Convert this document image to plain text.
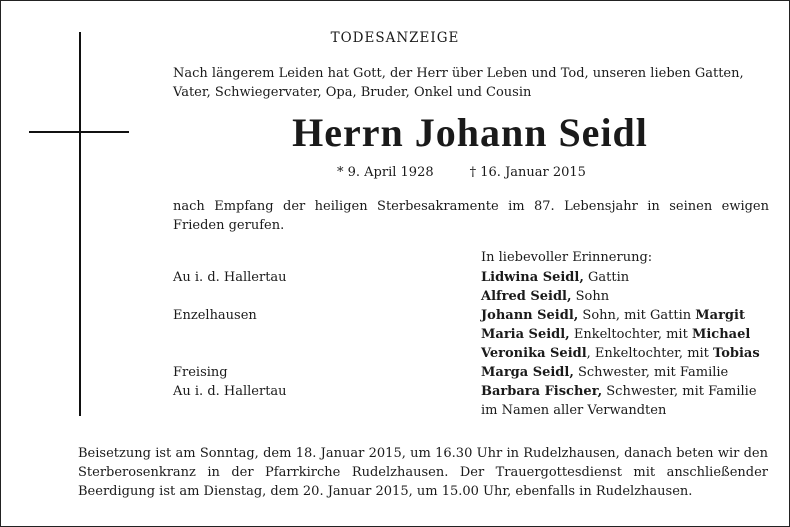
TODESANZEIGE
Nach längerem Leiden hat Gott, der Herr über Leben und Tod, unseren lieben Gatten, Vater, Schwiegervater, Opa, Bruder, Onkel und Cousin
Herrn Johann Seidl
* 9. April 1928	† 16. Januar 2015
nach Empfang der heiligen Sterbesakramente im 87. Lebensjahr in seinen ewigen Frieden gerufen.
In liebevoller Erinnerung:
Au i. d. Hallertau
Enzelhausen
Freising
Au i. d. Hallertau
Lidwina Seidl, Gattin
Alfred Seidl, Sohn
Johann Seidl, Sohn, mit Gattin Margit
Maria Seidl, Enkeltochter, mit Michael
Veronika Seidl, Enkeltochter, mit Tobias
Marga Seidl, Schwester, mit Familie
Barbara Fischer, Schwester, mit Familie
im Namen aller Verwandten
Beisetzung ist am Sonntag, dem 18. Januar 2015, um 16.30 Uhr in Rudelzhausen, danach beten wir den Sterberosenkranz in der Pfarrkirche Rudelzhausen. Der Trauergottesdienst mit anschließender Beerdigung ist am Dienstag, dem 20. Januar 2015, um 15.00 Uhr, ebenfalls in Rudelzhausen.
